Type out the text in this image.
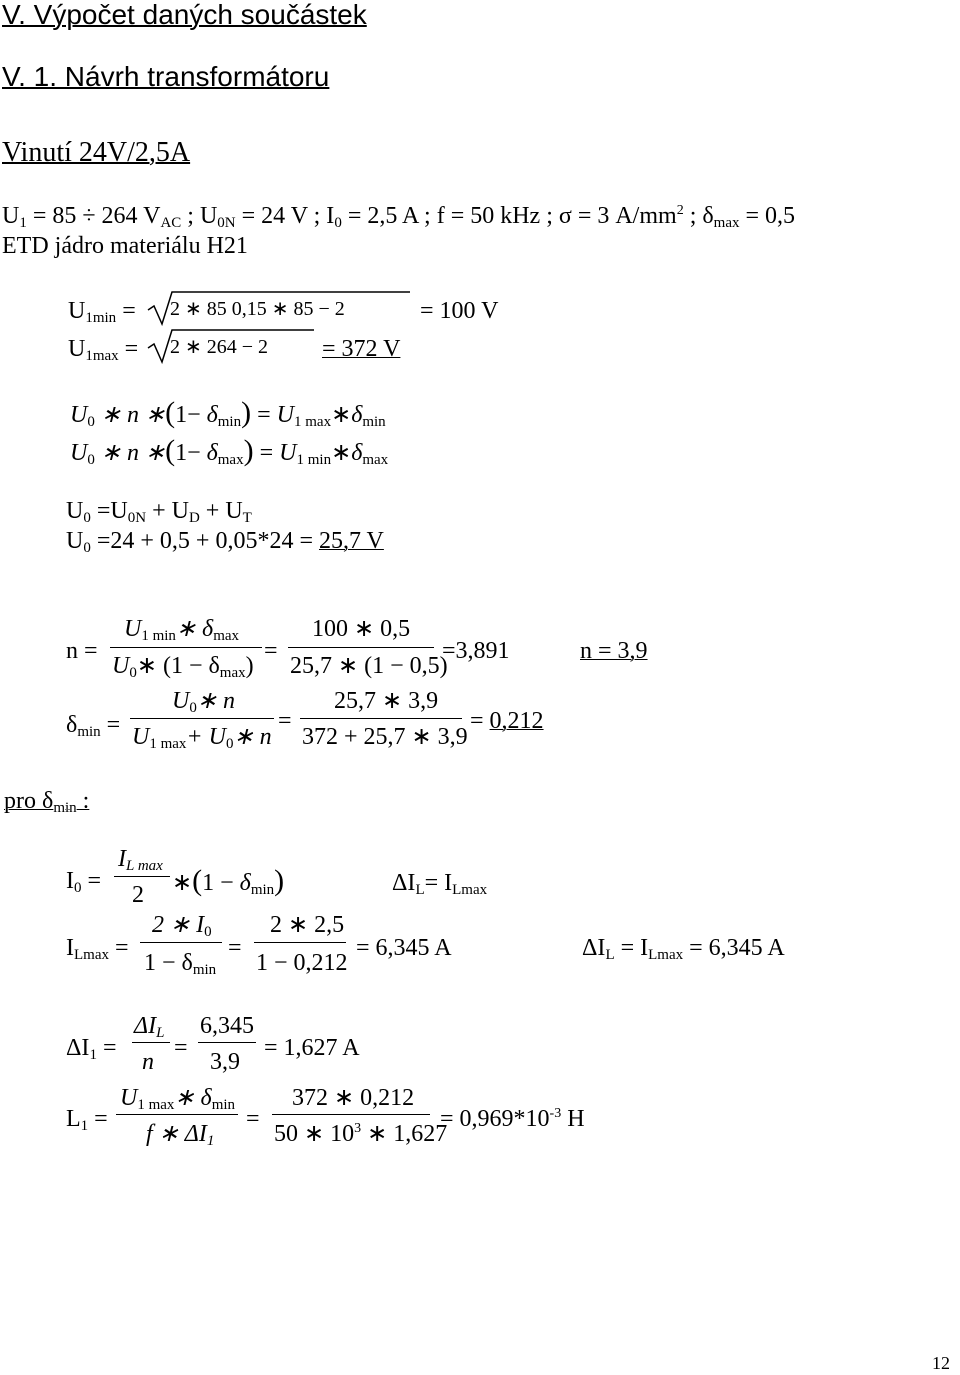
V. Výpočet daných součástek
V. 1. Návrh transformátoru
Vinutí 24V/2,5A
$U_1 = 85 \div 264$ $V_{AC}$ ; $U_{0N} = 24$ V ; $I_0 = 2,5$ A ; f = 50 kHz ; σ = 3 $A/mm^2$ ; $\delta_{max} = 0,5$
ETD jádro materiálu H21
$U_{1min} = 2$ ∗ 85 0,15 ∗ 85 − 2	= 100 V
$U_{1max} = 2$ ∗ 264 − 2 = 372 V
$U_0$ ∗ n ∗(1− $\delta_{min}$) = $U_{1 max}∗\delta_{min}$
$U_0$ ∗ n ∗(1− $\delta_{max}$) = $U_{1 min}∗\delta_{max}$
$U_0 =U_{0N} + U_D + U_T$
$U_0 =24 + 0,5 + 0,05*24 = 25,7$ V
n =
$U_{1 min}∗$ $\delta_{max}$
$U_0∗$ $(1 - \delta_{max})$
=
100 ∗ 0,5
25,7 ∗ (1 − 0,5)
=3,891	n = 3,9
$\delta_{min}$ =
$U_0∗$ n
$U_{1 max}+$ $U_0∗$ n
=
25,7 ∗ 3,9
372 + 25,7 ∗ 3,9
= 0,212
pro $\delta_{min}$ :
$I_0$ =
$I_{L max}$
2 ∗(1 − $\delta_{min}$)	$\Delta I_L= I_{Lmax}$
$I_{Lmax}$ =
2 ∗ $I_0$
$1 - \delta_{min}$
=
2 ∗ 2,5
1 − 0,212
= 6,345 A	$\Delta I_L = I_{Lmax} = 6,345$ A
$\Delta I_1$ =
$\Delta I_L$
n
=
6,345
3,9
= 1,627 A
$L_1$ =
$U_{1 max}∗$ $\delta_{min}$
f ∗ $\Delta I_1$
=
372 ∗ 0,212
50 ∗ $10^3$ ∗ 1,627
= $0,969*10^{-3}$ H
12
